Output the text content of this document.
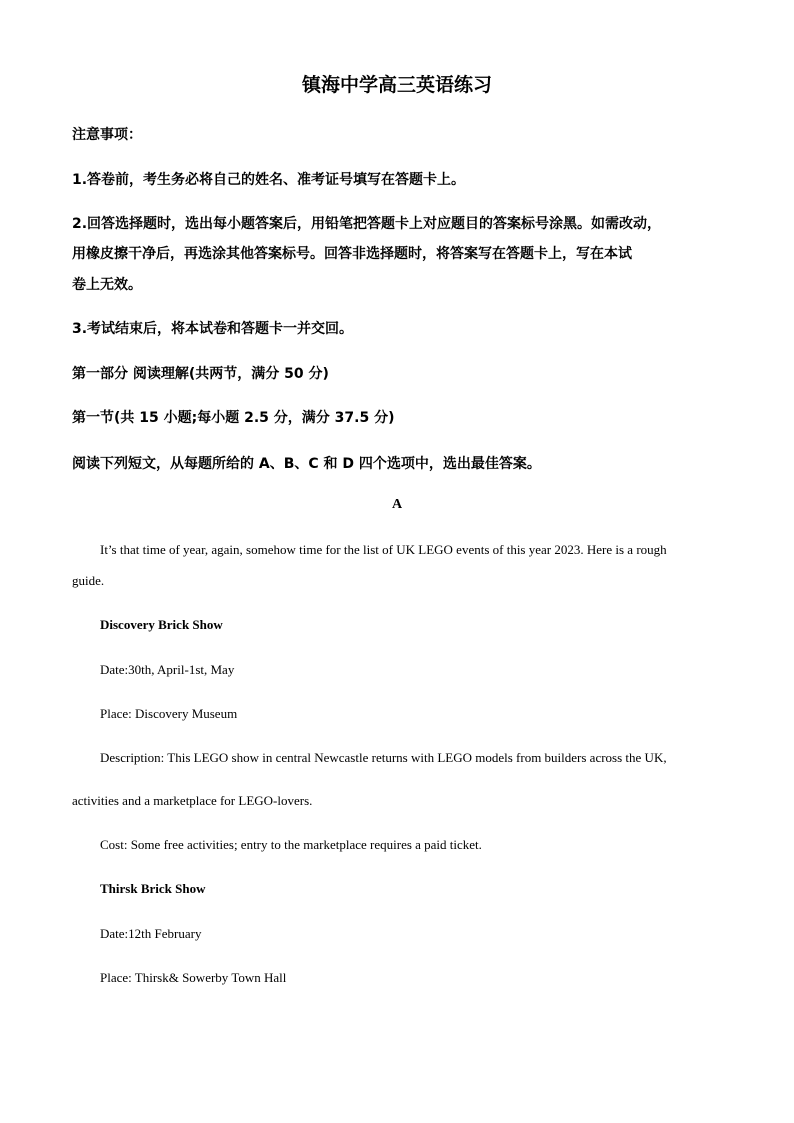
镇海中学高三英语练习
注意事项：
1.答卷前，考生务必将自己的姓名、准考证号填写在答题卡上。
2.回答选择题时，选出每小题答案后，用铅笔把答题卡上对应题目的答案标号涂黑。如需改动，
用橡皮擦干净后，再选涂其他答案标号。回答非选择题时，将答案写在答题卡上，写在本试
卷上无效。
3.考试结束后，将本试卷和答题卡一并交回。
第一部分 阅读理解(共两节，满分 50 分)
第一节(共 15 小题;每小题 2.5 分，满分 37.5 分)
阅读下列短文，从每题所给的 A、B、C 和 D 四个选项中，选出最佳答案。
A
It’s that time of year, again, somehow time for the list of UK LEGO events of this year 2023. Here is a rough
guide.
Discovery Brick Show
Date:30th, April-1st, May
Place: Discovery Museum
Description: This LEGO show in central Newcastle returns with LEGO models from builders across the UK,
activities and a marketplace for LEGO-lovers.
Cost: Some free activities; entry to the marketplace requires a paid ticket.
Thirsk Brick Show
Date:12th February
Place: Thirsk& Sowerby Town Hall
